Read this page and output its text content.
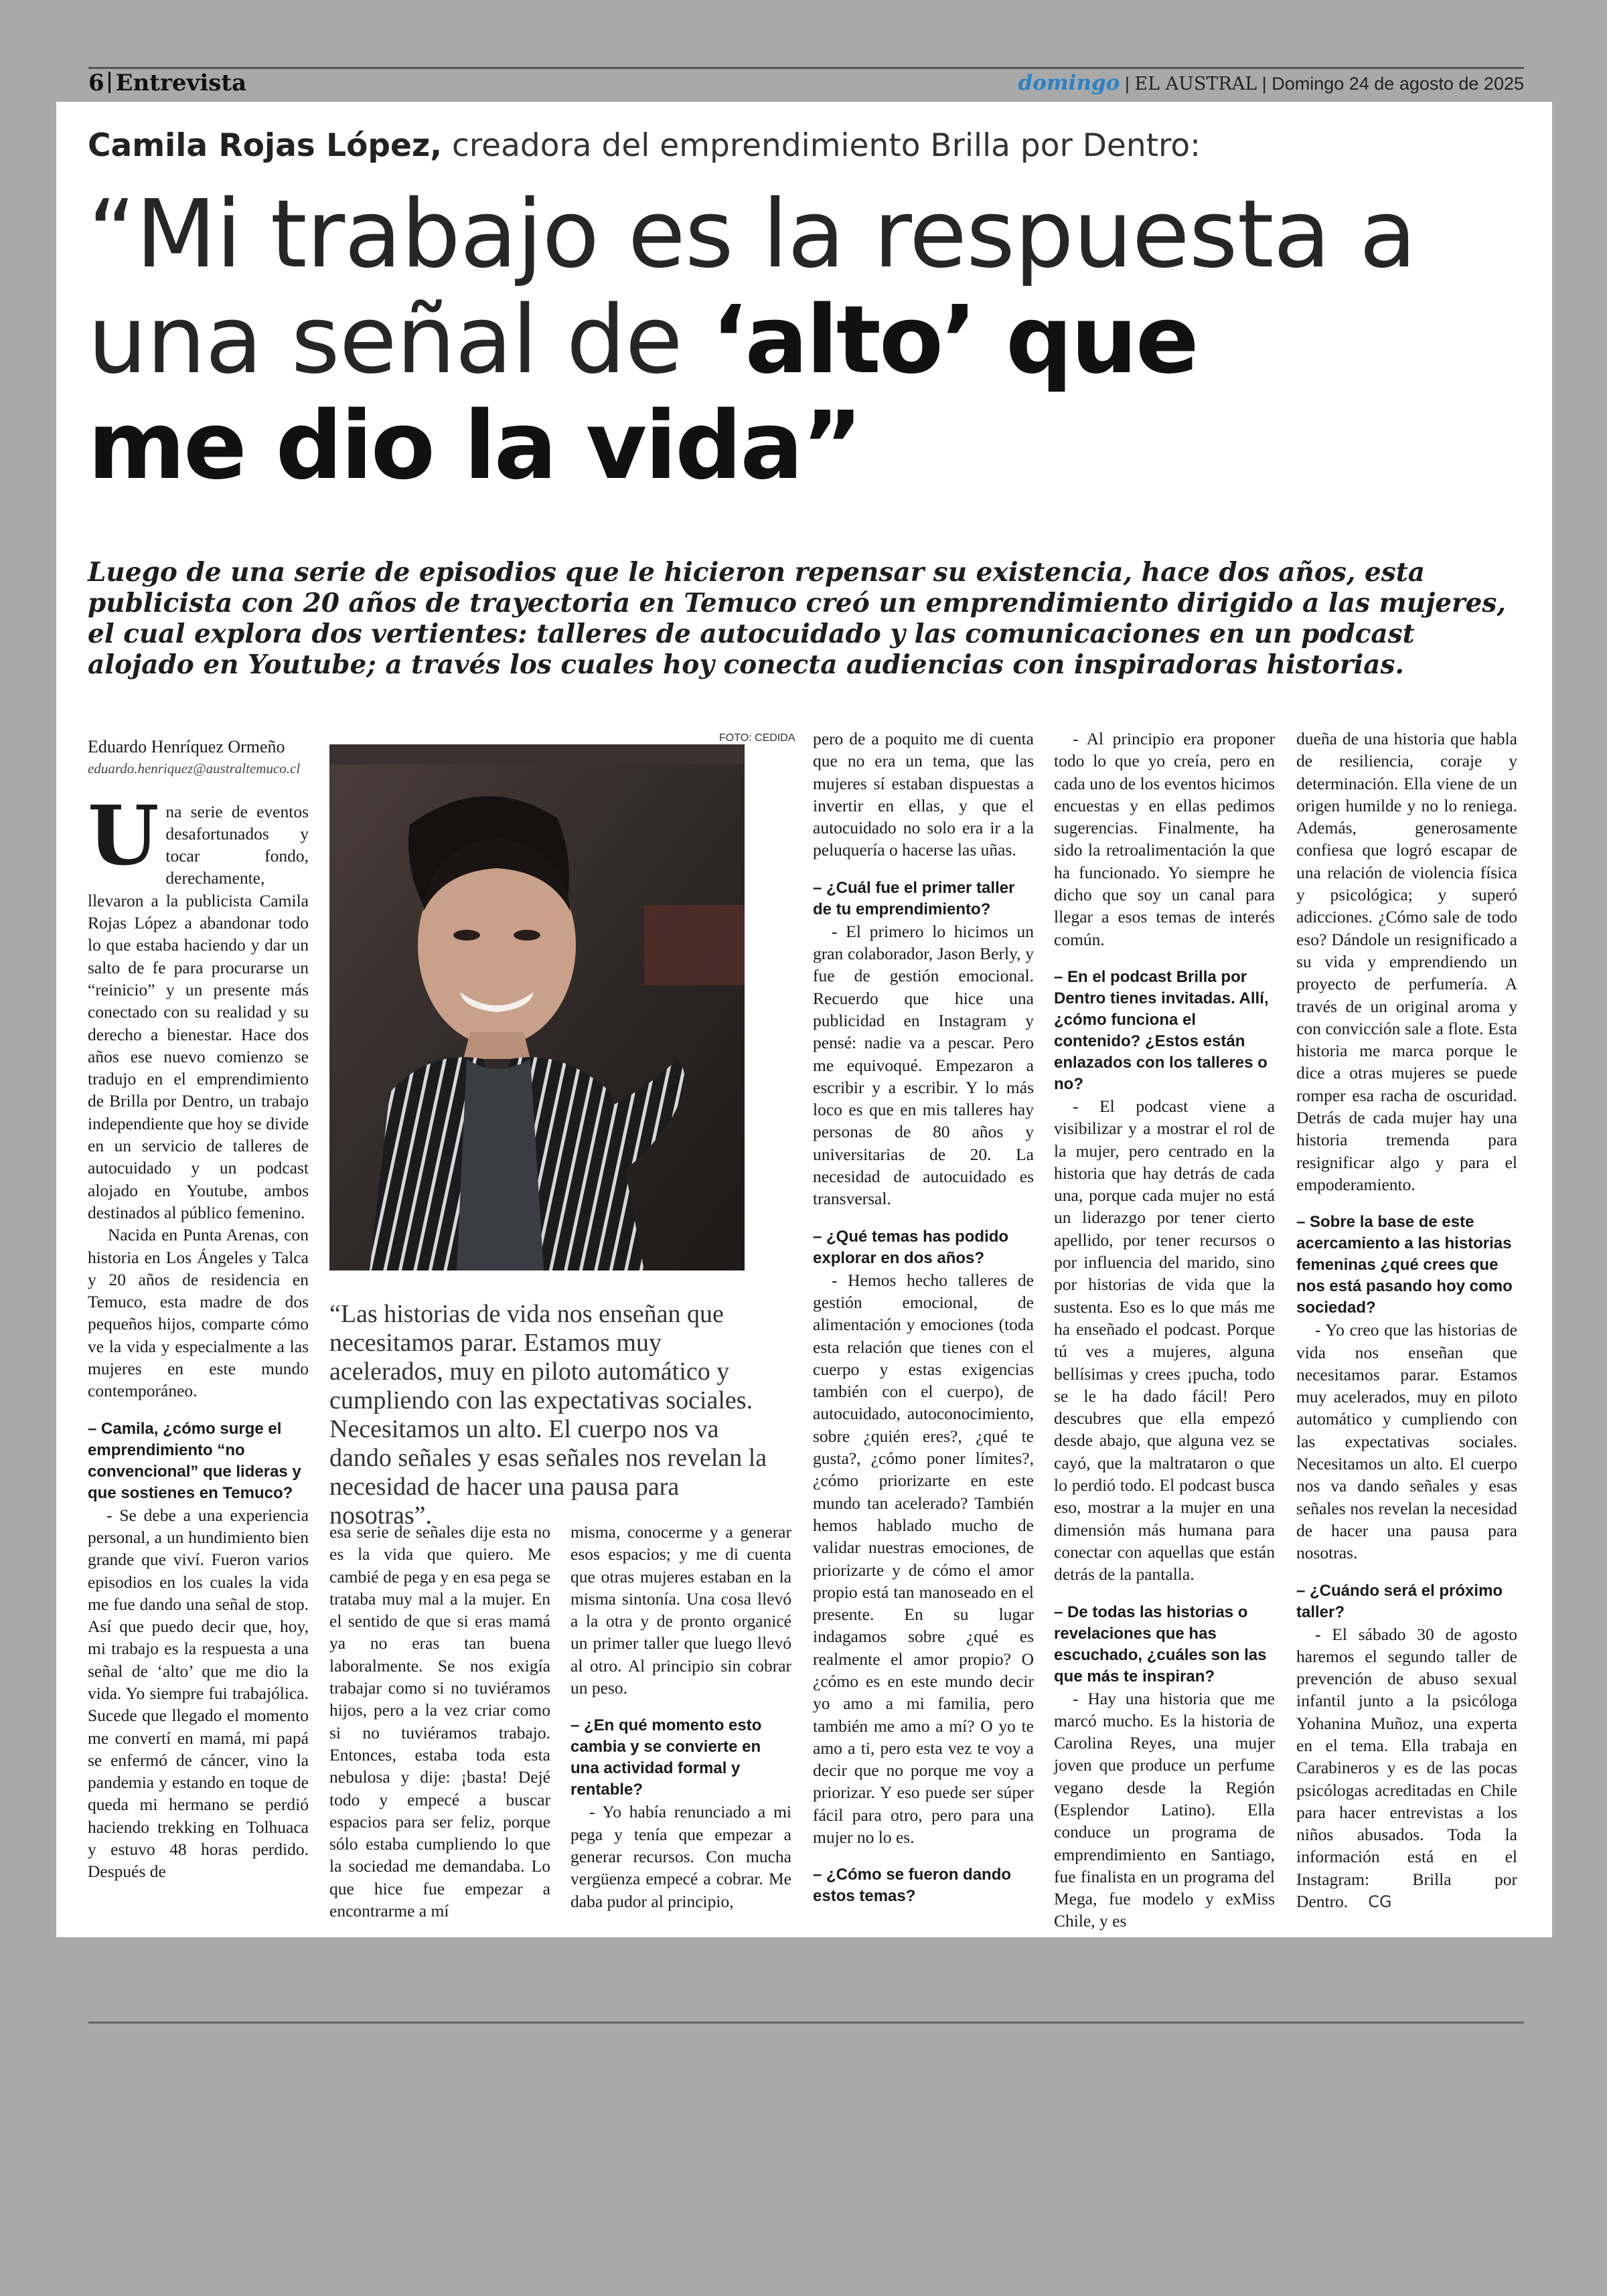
6 Entrevista	domingo | EL AUSTRAL | Domingo 24 de agosto de 2025
Camila Rojas López, creadora del emprendimiento Brilla por Dentro:
“Mi trabajo es la respuesta a
una señal de ‘alto’ que
me dio la vida”
Luego de una serie de episodios que le hicieron repensar su existencia, hace dos años, esta publicista con 20 años de trayectoria en Temuco creó un emprendimiento dirigido a las mujeres, el cual explora dos vertientes: talleres de autocuidado y las comunicaciones en un podcast alojado en Youtube; a través los cuales hoy conecta audiencias con inspiradoras historias.
Eduardo Henríquez Ormeño
eduardo.henriquez@australtemuco.cl

Una serie de eventos desafortunados y tocar fondo, derechamente, llevaron a la publicista Camila Rojas López a abandonar todo lo que estaba haciendo y dar un salto de fe para procurarse un “reinicio” y un presente más conectado con su realidad y su derecho a bienestar. Hace dos años ese nuevo comienzo se tradujo en el emprendimiento de Brilla por Dentro, un trabajo independiente que hoy se divide en un servicio de talleres de autocuidado y un podcast alojado en Youtube, ambos destinados al público femenino.

Nacida en Punta Arenas, con historia en Los Ángeles y Talca y 20 años de residencia en Temuco, esta madre de dos pequeños hijos, comparte cómo ve la vida y especialmente a las mujeres en este mundo contemporáneo.

– Camila, ¿cómo surge el emprendimiento “no convencional” que lideras y que sostienes en Temuco?

- Se debe a una experiencia personal, a un hundimiento bien grande que viví. Fueron varios episodios en los cuales la vida me fue dando una señal de stop. Así que puedo decir que, hoy, mi trabajo es la respuesta a una señal de ‘alto’ que me dio la vida. Yo siempre fui trabajólica. Sucede que llegado el momento me convertí en mamá, mi papá se enfermó de cáncer, vino la pandemia y estando en toque de queda mi hermano se perdió haciendo trekking en Tolhuaca y estuvo 48 horas perdido. Después de

FOTO: CEDIDA
“Las historias de vida nos enseñan que necesitamos parar. Estamos muy acelerados, muy en piloto automático y cumpliendo con las expectativas sociales. Necesitamos un alto. El cuerpo nos va dando señales y esas señales nos revelan la necesidad de hacer una pausa para nosotras”.

esa serie de señales dije esta no es la vida que quiero. Me cambié de pega y en esa pega se trataba muy mal a la mujer. En el sentido de que si eras mamá ya no eras tan buena laboralmente. Se nos exigía trabajar como si no tuviéramos hijos, pero a la vez criar como si no tuviéramos trabajo. Entonces, estaba toda esta nebulosa y dije: ¡basta! Dejé todo y empecé a buscar espacios para ser feliz, porque sólo estaba cumpliendo lo que la sociedad me demandaba. Lo que hice fue empezar a encontrarme a mí

misma, conocerme y a generar esos espacios; y me di cuenta que otras mujeres estaban en la misma sintonía. Una cosa llevó a la otra y de pronto organicé un primer taller que luego llevó al otro. Al principio sin cobrar un peso.

– ¿En qué momento esto cambia y se convierte en una actividad formal y rentable?

- Yo había renunciado a mi pega y tenía que empezar a generar recursos. Con mucha vergüenza empecé a cobrar. Me daba pudor al principio,

pero de a poquito me di cuenta que no era un tema, que las mujeres sí estaban dispuestas a invertir en ellas, y que el autocuidado no solo era ir a la peluquería o hacerse las uñas.

– ¿Cuál fue el primer taller de tu emprendimiento?

- El primero lo hicimos un gran colaborador, Jason Berly, y fue de gestión emocional. Recuerdo que hice una publicidad en Instagram y pensé: nadie va a pescar. Pero me equivoqué. Empezaron a escribir y a escribir. Y lo más loco es que en mis talleres hay personas de 80 años y universitarias de 20. La necesidad de autocuidado es transversal.

– ¿Qué temas has podido explorar en dos años?

- Hemos hecho talleres de gestión emocional, de alimentación y emociones (toda esta relación que tienes con el cuerpo y estas exigencias también con el cuerpo), de autocuidado, autoconocimiento, sobre ¿quién eres?, ¿qué te gusta?, ¿cómo poner límites?, ¿cómo priorizarte en este mundo tan acelerado? También hemos hablado mucho de validar nuestras emociones, de priorizarte y de cómo el amor propio está tan manoseado en el presente. En su lugar indagamos sobre ¿qué es realmente el amor propio? O ¿cómo es en este mundo decir yo amo a mi familia, pero también me amo a mí? O yo te amo a ti, pero esta vez te voy a decir que no porque me voy a priorizar. Y eso puede ser súper fácil para otro, pero para una mujer no lo es.

– ¿Cómo se fueron dando estos temas?

- Al principio era proponer todo lo que yo creía, pero en cada uno de los eventos hicimos encuestas y en ellas pedimos sugerencias. Finalmente, ha sido la retroalimentación la que ha funcionado. Yo siempre he dicho que soy un canal para llegar a esos temas de interés común.

– En el podcast Brilla por Dentro tienes invitadas. Allí, ¿cómo funciona el contenido? ¿Estos están enlazados con los talleres o no?

- El podcast viene a visibilizar y a mostrar el rol de la mujer, pero centrado en la historia que hay detrás de cada una, porque cada mujer no está un liderazgo por tener cierto apellido, por tener recursos o por influencia del marido, sino por historias de vida que la sustenta. Eso es lo que más me ha enseñado el podcast. Porque tú ves a mujeres, alguna bellísimas y crees ¡pucha, todo se le ha dado fácil! Pero descubres que ella empezó desde abajo, que alguna vez se cayó, que la maltrataron o que lo perdió todo. El podcast busca eso, mostrar a la mujer en una dimensión más humana para conectar con aquellas que están detrás de la pantalla.

– De todas las historias o revelaciones que has escuchado, ¿cuáles son las que más te inspiran?

- Hay una historia que me marcó mucho. Es la historia de Carolina Reyes, una mujer joven que produce un perfume vegano desde la Región (Esplendor Latino). Ella conduce un programa de emprendimiento en Santiago, fue finalista en un programa del Mega, fue modelo y exMiss Chile, y es

dueña de una historia que habla de resiliencia, coraje y determinación. Ella viene de un origen humilde y no lo reniega. Además, generosamente confiesa que logró escapar de una relación de violencia física y psicológica; y superó adicciones. ¿Cómo sale de todo eso? Dándole un resignificado a su vida y emprendiendo un proyecto de perfumería. A través de un original aroma y con convicción sale a flote. Esta historia me marca porque le dice a otras mujeres se puede romper esa racha de oscuridad. Detrás de cada mujer hay una historia tremenda para resignificar algo y para el empoderamiento.

– Sobre la base de este acercamiento a las historias femeninas ¿qué crees que nos está pasando hoy como sociedad?

- Yo creo que las historias de vida nos enseñan que necesitamos parar. Estamos muy acelerados, muy en piloto automático y cumpliendo con las expectativas sociales. Necesitamos un alto. El cuerpo nos va dando señales y esas señales nos revelan la necesidad de hacer una pausa para nosotras.

– ¿Cuándo será el próximo taller?

- El sábado 30 de agosto haremos el segundo taller de prevención de abuso sexual infantil junto a la psicóloga Yohanina Muñoz, una experta en el tema. Ella trabaja en Carabineros y es de las pocas psicólogas acreditadas en Chile para hacer entrevistas a los niños abusados. Toda la información está en el Instagram: Brilla por Dentro. CG
